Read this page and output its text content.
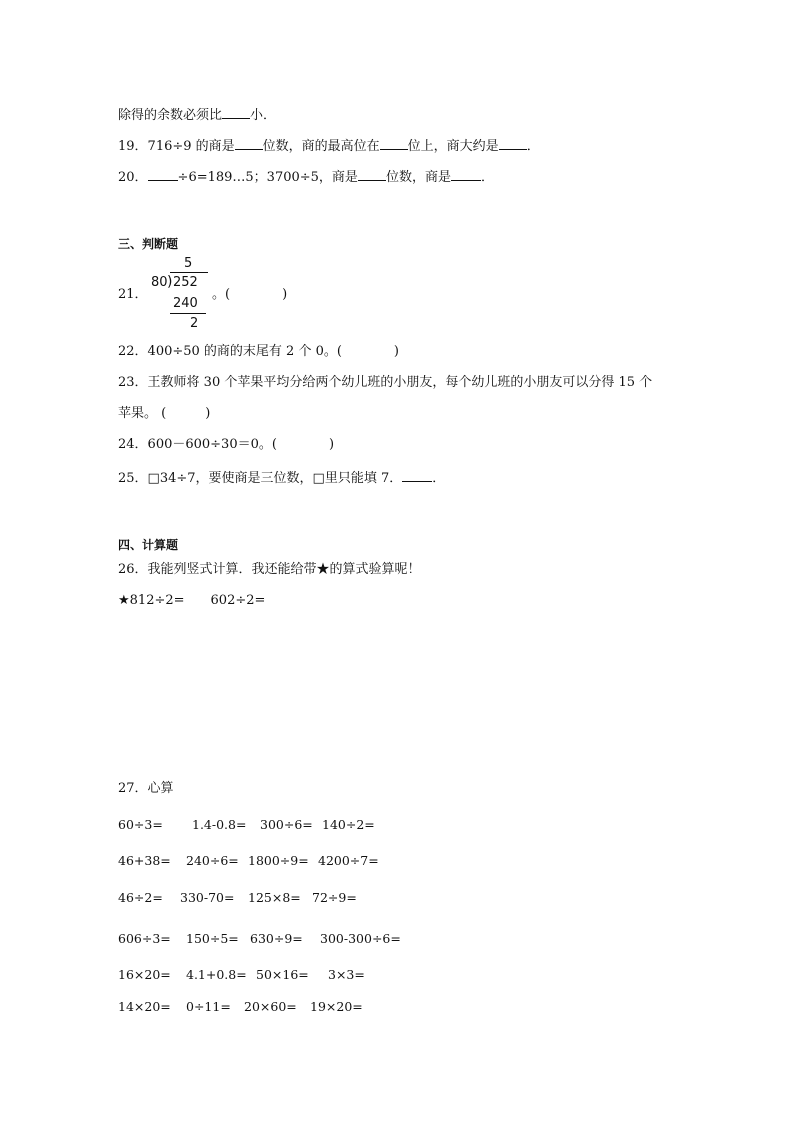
除得的余数必须比 小．
19．716÷9 的商是 位数，商的最高位在 位上，商大约是 ．
20． ÷6=189…5；3700÷5，商是 位数，商是 ．
三、判断题
21．
5
80 ) 252
240
2
。(　　　　)
22．400÷50 的商的末尾有 2 个 0。(　　　　)
23．王教师将 30 个苹果平均分给两个幼儿班的小朋友，每个幼儿班的小朋友可以分得 15 个
苹果。 (　　　)
24．600－600÷30＝0。(　　　　)
25．□34÷7，要使商是三位数，□里只能填 7． ．
四、计算题
26．我能列竖式计算．我还能给带★的算式验算呢！
★812÷2= 602÷2=
27．心算
60÷3= 1.4-0.8= 300÷6= 140÷2=
46+38= 240÷6= 1800÷9= 4200÷7=
46÷2= 330-70= 125×8= 72÷9=
606÷3= 150÷5= 630÷9= 300-300÷6=
16×20= 4.1+0.8= 50×16= 3×3=
14×20= 0÷11= 20×60= 19×20=
